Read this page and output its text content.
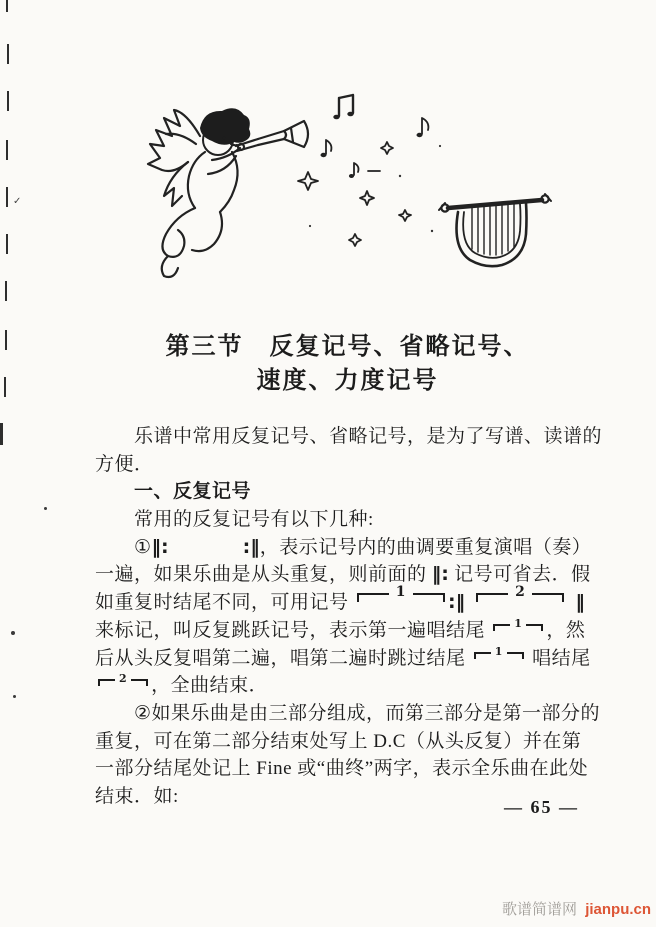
✓
第三节　反复记号、省略记号、
速度、力度记号
　　乐谱中常用反复记号、省略记号，是为了写谱、读谱的
方便．
　　一、反复记号
　　常用的反复记号有以下几种:
　　①‖:	:‖，表示记号内的曲调要重复演唱（奏）
一遍，如果乐曲是从头重复，则前面的 ‖: 记号可省去．假
如重复时结尾不同，可用记号	1	:‖	2	‖
来标记，叫反复跳跃记号，表示第一遍唱结尾	1 ，然
后从头反复唱第二遍，唱第二遍时跳过结尾	1 唱结尾
2 ，全曲结束．
　　②如果乐曲是由三部分组成，而第三部分是第一部分的
重复，可在第二部分结束处写上 D.C（从头反复）并在第
一部分结尾处记上 Fine 或“曲终”两字，表示全乐曲在此处
结束．如:
— 65 —
歌谱简谱网 jianpu.cn
